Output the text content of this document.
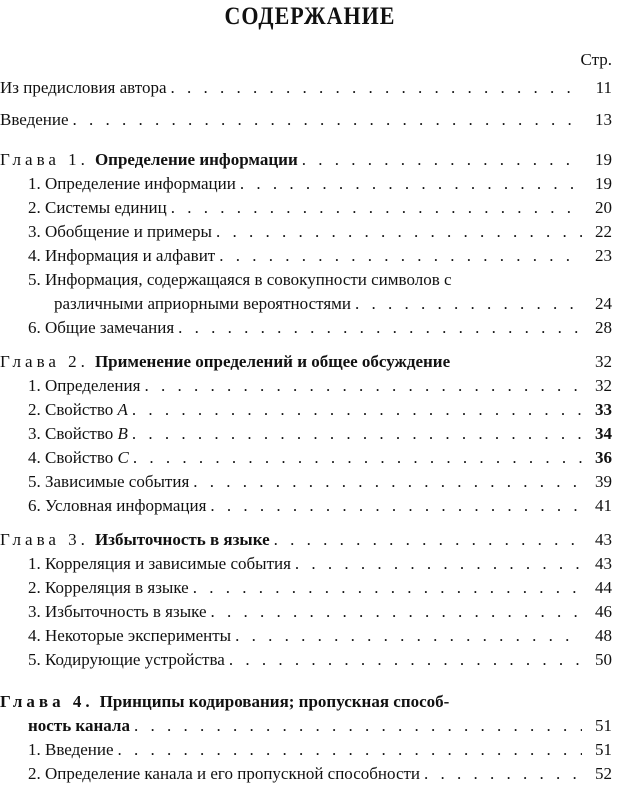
СОДЕРЖАНИЕ
Стр.
Из предисловия автора . . .	11
Введение . . .	13
Глава 1. Определение информации . . .	19
1. Определение информации . . .	19
2. Системы единиц . . .	20
3. Обобщение и примеры . . .	22
4. Информация и алфавит . . .	23
5. Информация, содержащаяся в совокупности символов с
различными априорными вероятностями . . .	24
6. Общие замечания . . .	28
Глава 2. Применение определений и общее обсуждение	32
1. Определения . . .	32
2. Свойство A . . .	33
3. Свойство B . . .	34
4. Свойство C . . .	36
5. Зависимые события . . .	39
6. Условная информация . . .	41
Глава 3. Избыточность в языке . . .	43
1. Корреляция и зависимые события . . .	43
2. Корреляция в языке . . .	44
3. Избыточность в языке . . .	46
4. Некоторые эксперименты . . .	48
5. Кодирующие устройства . . .	50
Глава 4. Принципы кодирования; пропускная способ-
ность канала . . .	51
1. Введение . . .	51
2. Определение канала и его пропускной способности . . .	52
